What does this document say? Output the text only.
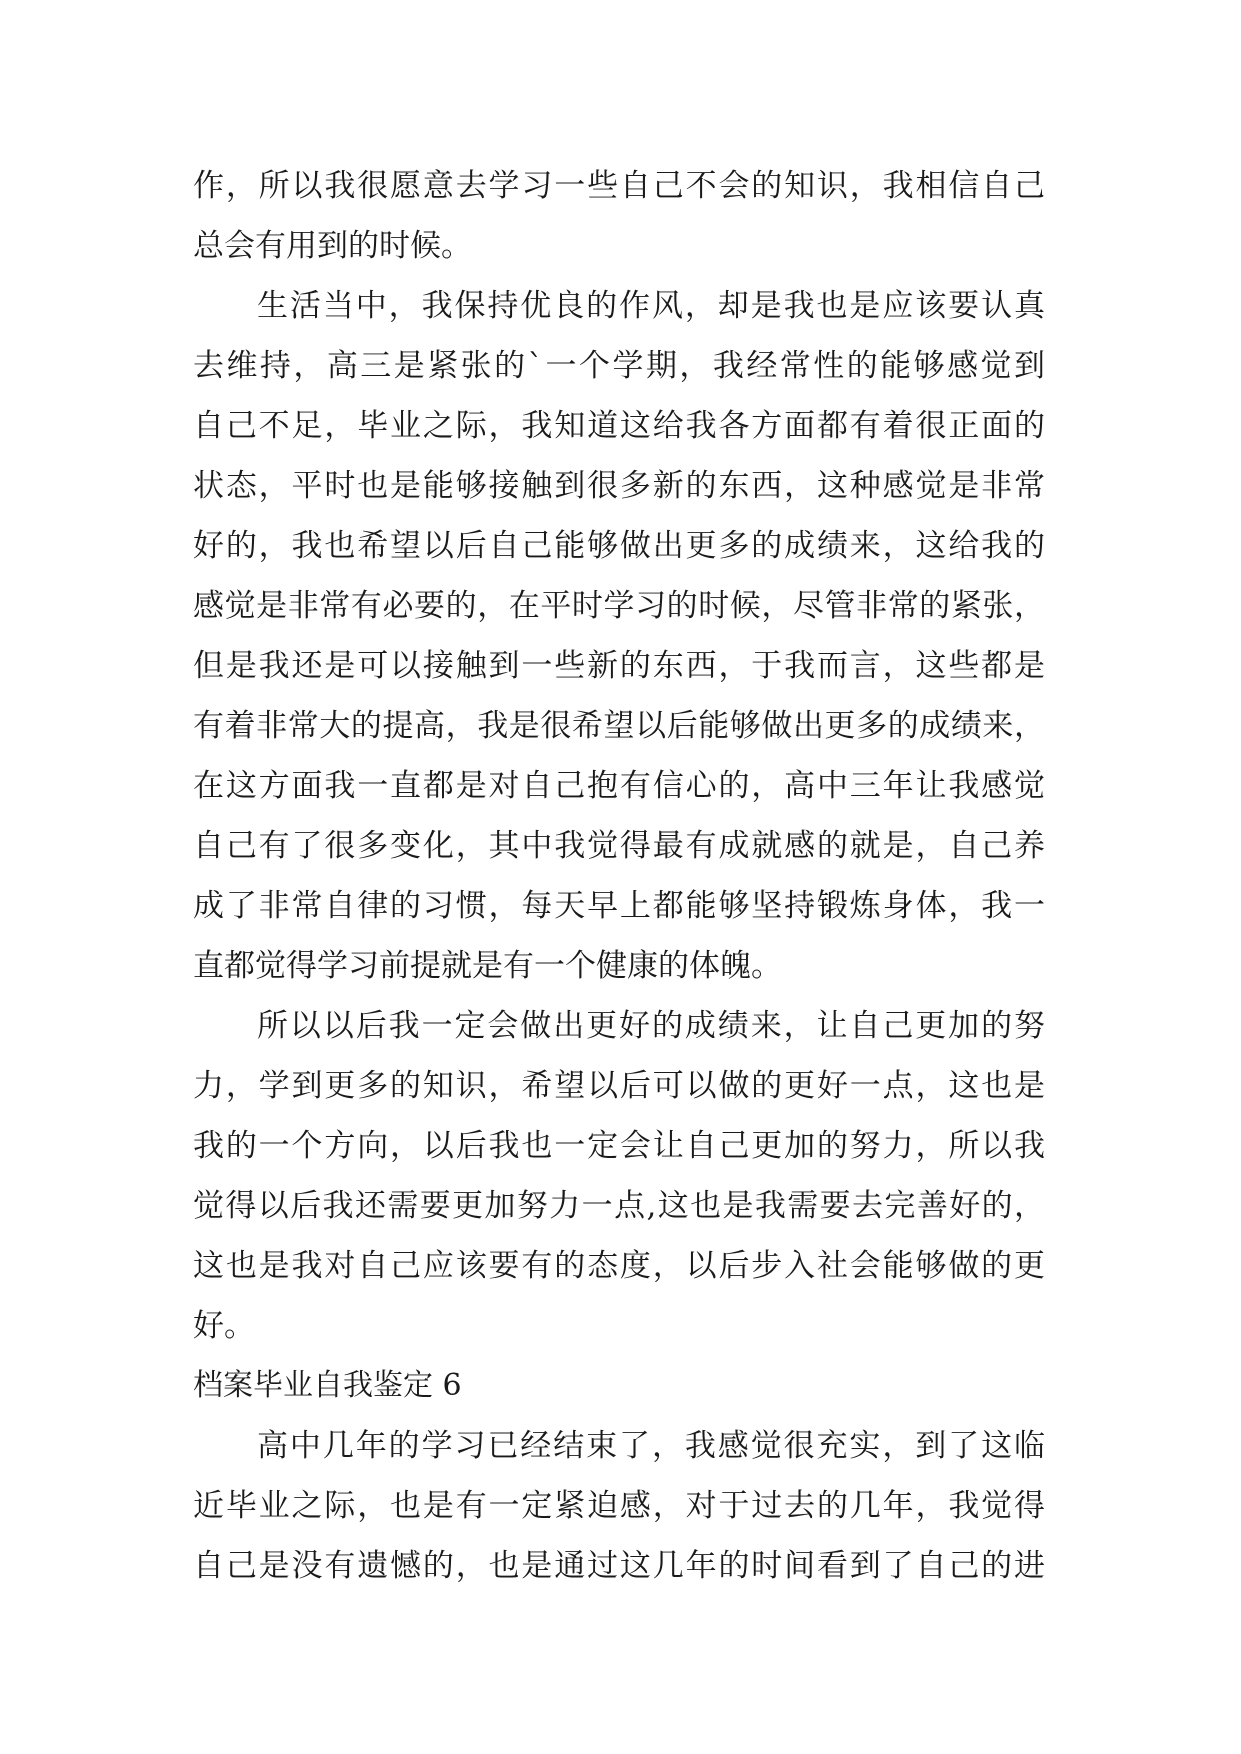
作，所以我很愿意去学习一些自己不会的知识，我相信自己
总会有用到的时候。
生活当中，我保持优良的作风，却是我也是应该要认真
去维持，高三是紧张的`一个学期，我经常性的能够感觉到
自己不足，毕业之际，我知道这给我各方面都有着很正面的
状态，平时也是能够接触到很多新的东西，这种感觉是非常
好的，我也希望以后自己能够做出更多的成绩来，这给我的
感觉是非常有必要的，在平时学习的时候，尽管非常的紧张，
但是我还是可以接触到一些新的东西，于我而言，这些都是
有着非常大的提高，我是很希望以后能够做出更多的成绩来，
在这方面我一直都是对自己抱有信心的，高中三年让我感觉
自己有了很多变化，其中我觉得最有成就感的就是，自己养
成了非常自律的习惯，每天早上都能够坚持锻炼身体，我一
直都觉得学习前提就是有一个健康的体魄。
所以以后我一定会做出更好的成绩来，让自己更加的努
力，学到更多的知识，希望以后可以做的更好一点，这也是
我的一个方向，以后我也一定会让自己更加的努力，所以我
觉得以后我还需要更加努力一点,这也是我需要去完善好的，
这也是我对自己应该要有的态度，以后步入社会能够做的更
好。
档案毕业自我鉴定 6
高中几年的学习已经结束了，我感觉很充实，到了这临
近毕业之际，也是有一定紧迫感，对于过去的几年，我觉得
自己是没有遗憾的，也是通过这几年的时间看到了自己的进
